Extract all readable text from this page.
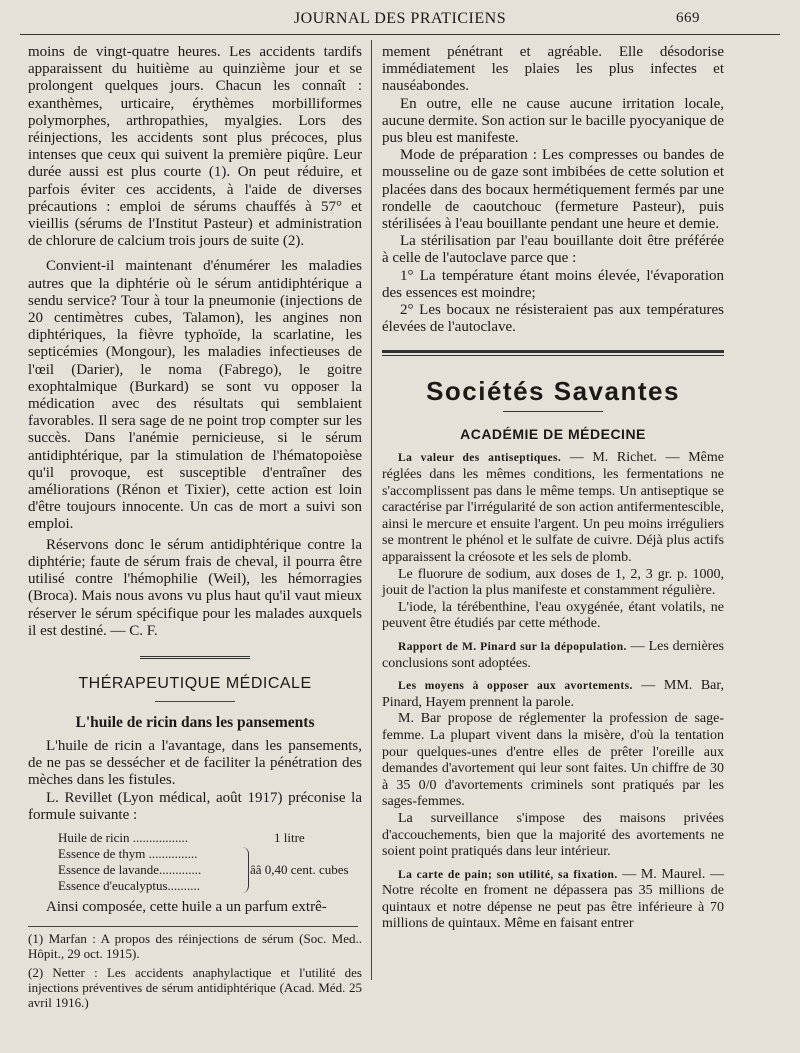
JOURNAL DES PRATICIENS	669

moins de vingt-quatre heures. Les accidents tardifs apparaissent du huitième au quinzième jour et se prolongent quelques jours. Chacun les connaît : exanthèmes, urticaire, érythèmes morbilliformes polymorphes, arthropathies, myalgies. Lors des réinjections, les accidents sont plus précoces, plus intenses que ceux qui suivent la première piqûre. Leur durée aussi est plus courte (1). On peut réduire, et parfois éviter ces accidents, à l'aide de diverses précautions : emploi de sérums chauffés à 57° et vieillis (sérums de l'Institut Pasteur) et administration de chlorure de calcium trois jours de suite (2).

Convient-il maintenant d'énumérer les maladies autres que la diphtérie où le sérum antidiphtérique a sendu service? Tour à tour la pneumonie (injections de 20 centimètres cubes, Talamon), les angines non diphtériques, la fièvre typhoïde, la scarlatine, les septicémies (Mongour), les maladies infectieuses de l'œil (Darier), le noma (Fabrego), le goitre exophtalmique (Burkard) se sont vu opposer la médication avec des résultats qui semblaient favorables. Il sera sage de ne point trop compter sur les succès. Dans l'anémie pernicieuse, si le sérum antidiphtérique, par la stimulation de l'hématopoièse qu'il provoque, est susceptible d'entraîner des améliorations (Rénon et Tixier), cette action est loin d'être toujours innocente. Un cas de mort a suivi son emploi.

Réservons donc le sérum antidiphtérique contre la diphtérie; faute de sérum frais de cheval, il pourra être utilisé contre l'hémophilie (Weil), les hémorragies (Broca). Mais nous avons vu plus haut qu'il vaut mieux réserver le sérum spécifique pour les malades auxquels il est destiné. — C. F.

THÉRAPEUTIQUE MÉDICALE
L'huile de ricin dans les pansements

L'huile de ricin a l'avantage, dans les pansements, de ne pas se dessécher et de faciliter la pénétration des mèches dans les fistules.

L. Revillet (Lyon médical, août 1917) préconise la formule suivante :

Huile de ricin .................	1 litre
Essence de thym ...............
Essence de lavande.............
Essence d'eucalyptus..........
ââ 0,40 cent. cubes

Ainsi composée, cette huile a un parfum extrê-

(1) Marfan : A propos des réinjections de sérum (Soc. Med.. Hôpit., 29 oct. 1915).

(2) Netter : Les accidents anaphylactique et l'utilité des injections préventives de sérum antidiphtérique (Acad. Méd. 25 avril 1916.)

mement pénétrant et agréable. Elle désodorise immédiatement les plaies les plus infectes et nauséabondes.

En outre, elle ne cause aucune irritation locale, aucune dermite. Son action sur le bacille pyocyanique de pus bleu est manifeste.

Mode de préparation : Les compresses ou bandes de mousseline ou de gaze sont imbibées de cette solution et placées dans des bocaux hermétiquement fermés par une rondelle de caoutchouc (fermeture Pasteur), puis stérilisées à l'eau bouillante pendant une heure et demie.

La stérilisation par l'eau bouillante doit être préférée à celle de l'autoclave parce que :

1° La température étant moins élevée, l'évaporation des essences est moindre;

2° Les bocaux ne résisteraient pas aux températures élevées de l'autoclave.

Sociétés Savantes
ACADÉMIE DE MÉDECINE

La valeur des antiseptiques. — M. Richet. — Même réglées dans les mêmes conditions, les fermentations ne s'accomplissent pas dans le même temps. Un antiseptique se caractérise par l'irrégularité de son action antifermentescible, ainsi le mercure et ensuite l'argent. Un peu moins irréguliers se montrent le phénol et le sulfate de cuivre. Déjà plus actifs apparaissent la créosote et les sels de plomb.

Le fluorure de sodium, aux doses de 1, 2, 3 gr. p. 1000, jouit de l'action la plus manifeste et constamment régulière.

L'iode, la térébenthine, l'eau oxygénée, étant volatils, ne peuvent être étudiés par cette méthode.

Rapport de M. Pinard sur la dépopulation. — Les dernières conclusions sont adoptées.

Les moyens à opposer aux avortements. — MM. Bar, Pinard, Hayem prennent la parole.

M. Bar propose de réglementer la profession de sage-femme. La plupart vivent dans la misère, d'où la tentation pour quelques-unes d'entre elles de prêter l'oreille aux demandes d'avortement qui leur sont faites. Un chiffre de 30 à 35 0/0 d'avortements criminels sont pratiqués par les sages-femmes.

La surveillance s'impose des maisons privées d'accouchements, bien que la majorité des avortements ne soient point pratiqués dans leur intérieur.

La carte de pain; son utilité, sa fixation. — M. Maurel. — Notre récolte en froment ne dépassera pas 35 millions de quintaux et notre dépense ne peut pas être inférieure à 70 millions de quintaux. Même en faisant entrer
